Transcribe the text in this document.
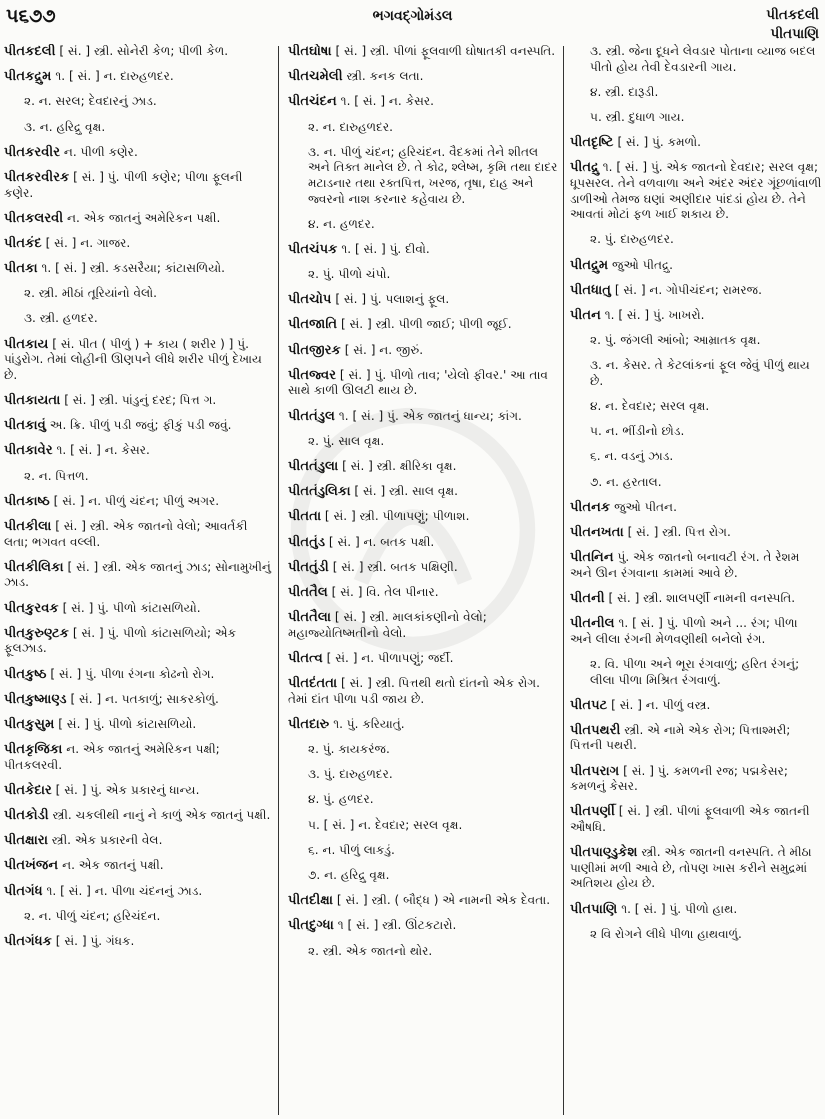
૫૬૭૭	ભગવદ્ગોમંડલ	પીતકદલી
પીતપાણિ
પીતકદલી [ સં. ] સ્ત્રી. સોનેરી કેળ; પીળી કેળ.
પીતકદ્રુમ ૧. [ સં. ] ન. દારુહળદર.
૨. ન. સરલ; દેવદારનું ઝાડ.
૩. ન. હરિદ્રુ વૃક્ષ.
પીતકરવીર ન. પીળી કણેર.
પીતકરવીરક [ સં. ] પું. પીળી કણેર; પીળા ફૂલની કણેર.
પીતકલરવી ન. એક જાતનું અમેરિકન પક્ષી.
પીતકંદ [ સં. ] ન. ગાજર.
પીતકા ૧. [ સં. ] સ્ત્રી. કડસરૈયા; કાંટાસળિયો.
૨. સ્ત્રી. મીઠાં તૂરિયાંનો વેલો.
૩. સ્ત્રી. હળદર.
પીતકાય [ સં. પીત ( પીળું ) + કાય ( શરીર ) ] પું. પાંડુરોગ. તેમાં લોહીની ઊણપને લીધે શરીર પીળું દેખાય છે.
પીતકાયતા [ સં. ] સ્ત્રી. પાંડુનું દરદ; પિત્ત ગ.
પીતકાવું અ. ક્રિ. પીળું પડી જવું; ફીકું પડી જવું.
પીતકાવેર ૧. [ સં. ] ન. કેસર.
૨. ન. પિત્તળ.
પીતકાષ્ઠ [ સં. ] ન. પીળું ચંદન; પીળું અગર.
પીતકીલા [ સં. ] સ્ત્રી. એક જાતનો વેલો; આવર્તકી લતા; ભગવત વલ્લી.
પીતકીલિકા [ સં. ] સ્ત્રી. એક જાતનું ઝાડ; સોનામુખીનું ઝાડ.
પીતકુરવક [ સં. ] પું. પીળો કાંટાસળિયો.
પીતકુરુણ્ટક [ સં. ] પું. પીળો કાંટાસળિયો; એક ફૂલઝાડ.
પીતકુષ્ઠ [ સં. ] પું. પીળા રંગના કોઢનો રોગ.
પીતકુષ્માણ્ડ [ સં. ] ન. પતકાળું; સાકરકોળું.
પીતકુસુમ [ સં. ] પું. પીળો કાંટાસળિયો.
પીતકૃજિકા ન. એક જાતનું અમેરિકન પક્ષી; પીતકલરવી.
પીતકેદાર [ સં. ] પું. એક પ્રકારનું ધાન્ય.
પીતકોડી સ્ત્રી. ચકલીથી નાનું ને કાળું એક જાતનું પક્ષી.
પીતક્ષારા સ્ત્રી. એક પ્રકારની વેલ.
પીતખંજન ન. એક જાતનું પક્ષી.
પીતગંધ ૧. [ સં. ] ન. પીળા ચંદનનું ઝાડ.
૨. ન. પીળું ચંદન; હરિચંદન.
પીતગંધક [ સં. ] પું. ગંધક.
પીતઘોષા [ સં. ] સ્ત્રી. પીળાં ફૂલવાળી ઘોષાતકી વનસ્પતિ.
પીતચમેલી સ્ત્રી. કનક લતા.
પીતચંદન ૧. [ સં. ] ન. કેસર.
૨. ન. દારુહળદર.
૩. ન. પીળું ચંદન; હરિચંદન. વૈદકમાં તેને શીતલ અને તિક્ત માનેલ છે. તે કોઢ, શ્લેષ્મ, કૃમિ તથા દાદર મટાડનાર તથા રક્તપિત્ત, ખરજ, તૃષા, દાહ અને જ્વરનો નાશ કરનાર કહેવાય છે.
૪. ન. હળદર.
પીતચંપક ૧. [ સં. ] પું. દીવો.
૨. પું. પીળો ચંપો.
પીતચોપ [ સં. ] પું. પલાશનું ફૂલ.
પીતજાતિ [ સં. ] સ્ત્રી. પીળી જાઈ; પીળી જૂઈ.
પીતજીરક [ સં. ] ન. જીરું.
પીતજ્વર [ સં. ] પું. પીળો તાવ; 'યેલો ફીવર.' આ તાવ સાથે કાળી ઊલટી થાય છે.
પીતતંડુલ ૧. [ સં. ] પું. એક જાતનું ધાન્ય; કાંગ.
૨. પું. સાલ વૃક્ષ.
પીતતંડુલા [ સં. ] સ્ત્રી. ક્ષીરિકા વૃક્ષ.
પીતતંડુલિકા [ સં. ] સ્ત્રી. સાલ વૃક્ષ.
પીતતા [ સં. ] સ્ત્રી. પીળાપણું; પીળાશ.
પીતતુંડ [ સં. ] ન. બતક પક્ષી.
પીતતુંડી [ સં. ] સ્ત્રી. બતક પક્ષિણી.
પીતતૈલ [ સં. ] વિ. તેલ પીનાર.
પીતતૈલા [ સં. ] સ્ત્રી. માલકાંકણીનો વેલો; મહાજ્યોતિષ્મતીનો વેલો.
પીતત્વ [ સં. ] ન. પીળાપણું; જર્દી.
પીતદંતતા [ સં. ] સ્ત્રી. પિત્તથી થતો દાંતનો એક રોગ. તેમાં દાંત પીળા પડી જાય છે.
પીતદારુ ૧. પું. કરિયાતું.
૨. પું. કાયકરંજ.
૩. પું. દારુહળદર.
૪. પું. હળદર.
૫. [ સં. ] ન. દેવદાર; સરલ વૃક્ષ.
૬. ન. પીળું લાકડું.
૭. ન. હરિદ્રુ વૃક્ષ.
પીતદીક્ષા [ સં. ] સ્ત્રી. ( બૌદ્ધ ) એ નામની એક દેવતા.
પીતદુગ્ધા ૧ [ સં. ] સ્ત્રી. ઊંટકટારો.
૨. સ્ત્રી. એક જાતનો થોર.
૩. સ્ત્રી. જેના દૂધને લેવડાર પોતાના વ્યાજ બદલ પીતો હોય તેવી દેવડારની ગાય.
૪. સ્ત્રી. દારૂડી.
૫. સ્ત્રી. દુધાળ ગાય.
પીતદૃષ્ટિ [ સં. ] પું. કમળો.
પીતદ્રુ ૧. [ સં. ] પું. એક જાતનો દેવદાર; સરલ વૃક્ષ; ધૂપસરલ. તેને વળવાળા અને અંદર અંદર ગૂંછળાંવાળી ડાળીઓ તેમજ ઘણાં અણીદાર પાંદડાં હોય છે. તેને આવતાં મોટાં ફળ ખાઈ શકાય છે.
૨. પું. દારુહળદર.
પીતદ્રુમ જુઓ પીતદ્રુ.
પીતધાતુ [ સં. ] ન. ગોપીચંદન; રામરજ.
પીતન ૧. [ સં. ] પું. ખાખરો.
૨. પું. જંગલી આંબો; આમ્રાતક વૃક્ષ.
૩. ન. કેસર. તે કેટલાંકનાં ફૂલ જેવું પીળું થાય છે.
૪. ન. દેવદાર; સરલ વૃક્ષ.
૫. ન. ભીંડીનો છોડ.
૬. ન. વડનું ઝાડ.
૭. ન. હરતાલ.
પીતનક જુઓ પીતન.
પીતનખતા [ સં. ] સ્ત્રી. પિત્ત રોગ.
પીતનિન પું. એક જાતનો બનાવટી રંગ. તે રેશમ અને ઊન રંગવાના કામમાં આવે છે.
પીતની [ સં. ] સ્ત્રી. શાલપર્ણી નામની વનસ્પતિ.
પીતનીલ ૧. [ સં. ] પું. પીળો અને ... રંગ; પીળા અને લીલા રંગની મેળવણીથી બનેલો રંગ.
૨. વિ. પીળા અને ભૂરા રંગવાળું; હરિત રંગનું; લીલા પીળા મિશ્રિત રંગવાળું.
પીતપટ [ સં. ] ન. પીળું વસ્ત્ર.
પીતપથરી સ્ત્રી. એ નામે એક રોગ; પિત્તાશ્મરી; પિત્તની પથરી.
પીતપરાગ [ સં. ] પું. કમળની રજ; પદ્મકેસર; કમળનું કેસર.
પીતપર્ણી [ સં. ] સ્ત્રી. પીળાં ફૂલવાળી એક જાતની ઔષધિ.
પીતપાણ્ડુકેશ સ્ત્રી. એક જાતની વનસ્પતિ. તે મીઠા પાણીમાં મળી આવે છે, તોપણ ખાસ કરીને સમુદ્રમાં અતિશય હોય છે.
પીતપાણિ ૧. [ સં. ] પું. પીળો હાથ.
૨ વિ રોગને લીધે પીળા હાથવાળું.
